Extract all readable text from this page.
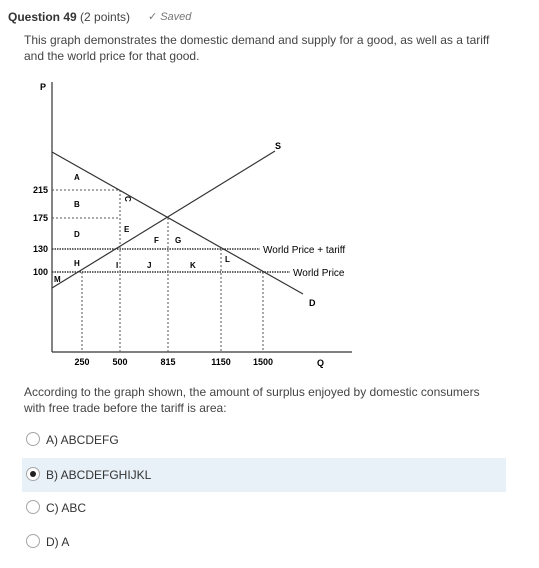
Question 49 (2 points) ✓ Saved
This graph demonstrates the domestic demand and supply for a good, as well as a tariff and the world price for that good.
P
Q
S
D
World Price + tariff
World Price
215
175
130
100
250	500	815	1150 1500
A
B
C
D
E
F G
H	I	J	K
L
M
According to the graph shown, the amount of surplus enjoyed by domestic consumers with free trade before the tariff is area:
A) ABCDEFG
B) ABCDEFGHIJKL
C) ABC
D) A
